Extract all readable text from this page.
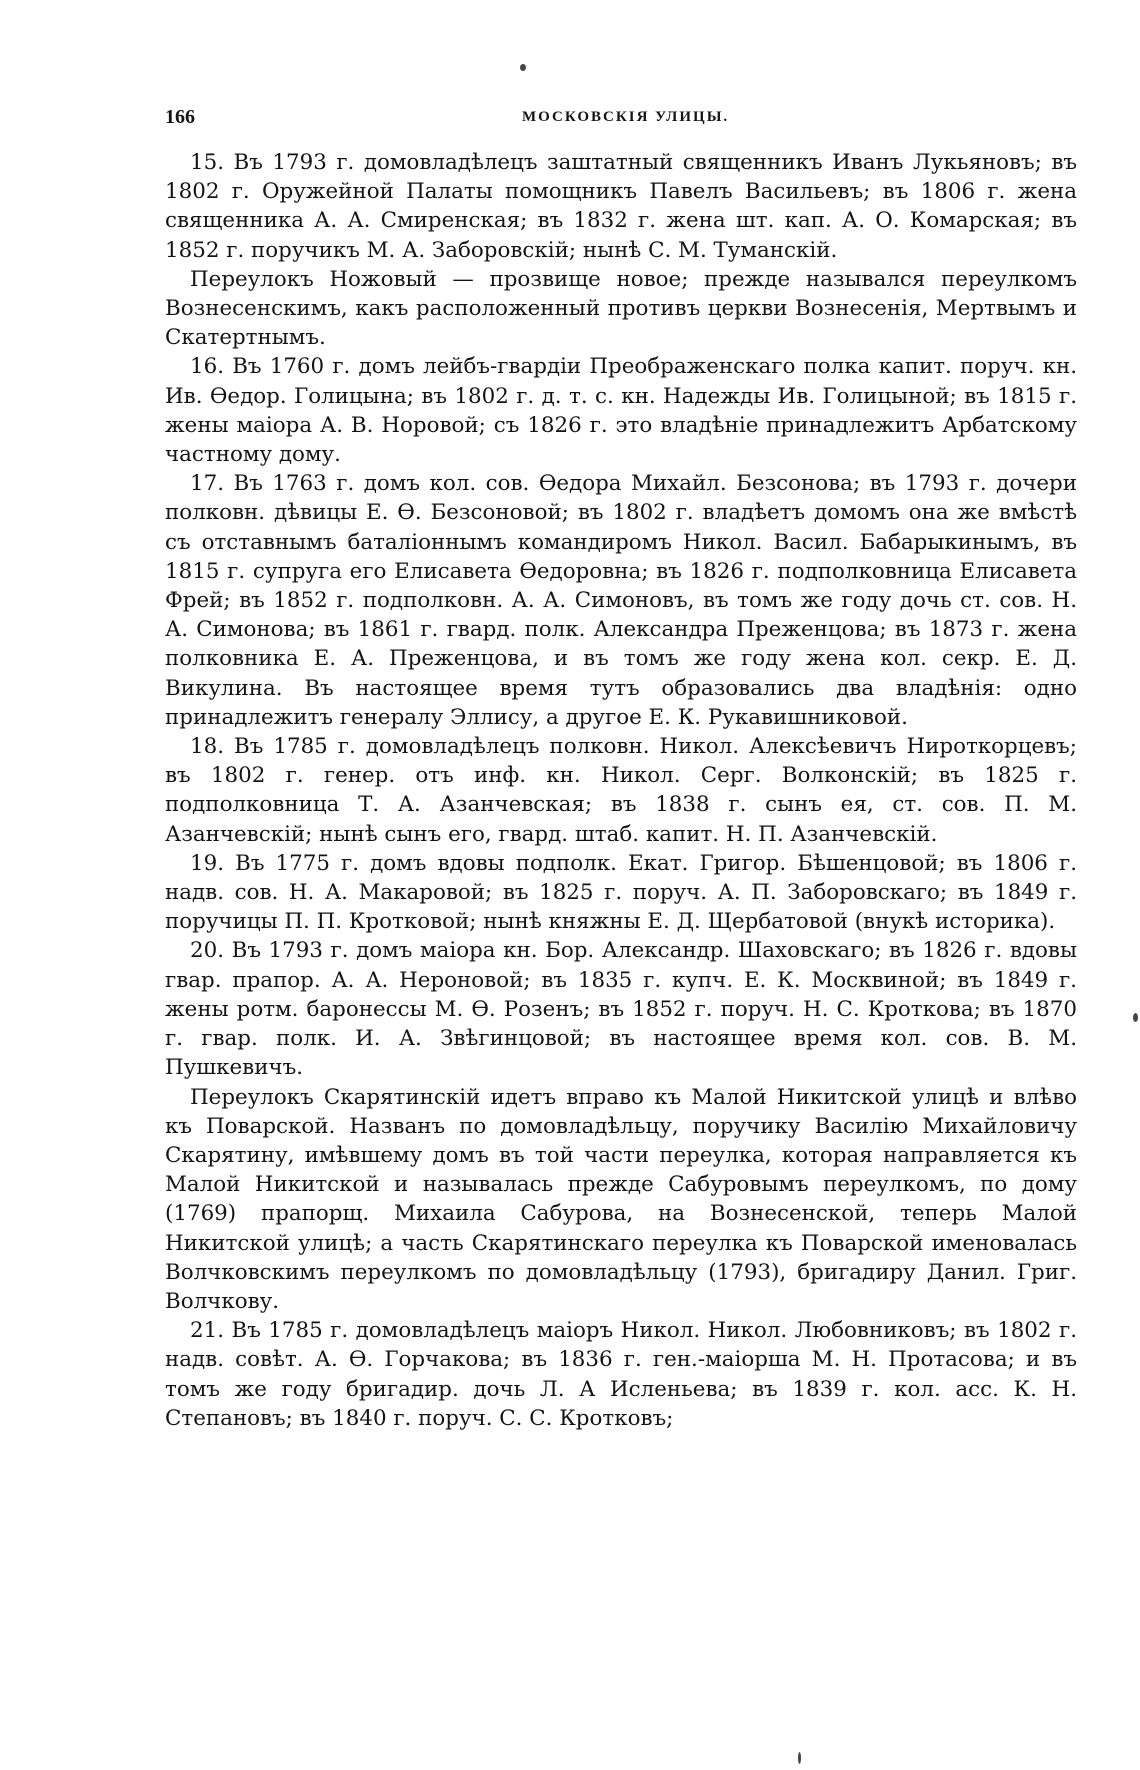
166	МОСКОВСКІЯ УЛИЦЫ.

15. Въ 1793 г. домовладѣлецъ заштатный священникъ Иванъ Лукьяновъ; въ 1802 г. Оружейной Палаты помощникъ Павелъ Васильевъ; въ 1806 г. жена священника А. А. Смиренская; въ 1832 г. жена шт. кап. А. О. Комарская; въ 1852 г. поручикъ М. А. Заборовскій; нынѣ С. М. Туманскій.

Переулокъ Ножовый — прозвище новое; прежде назывался переулкомъ Вознесенскимъ, какъ расположенный противъ церкви Вознесенія, Мертвымъ и Скатертнымъ.

16. Въ 1760 г. домъ лейбъ-гвардіи Преображенскаго полка капит. поруч. кн. Ив. Ѳедор. Голицына; въ 1802 г. д. т. с. кн. Надежды Ив. Голицыной; въ 1815 г. жены маіора А. В. Норовой; съ 1826 г. это владѣніе принадлежитъ Арбатскому частному дому.

17. Въ 1763 г. домъ кол. сов. Ѳедора Михайл. Безсонова; въ 1793 г. дочери полковн. дѣвицы Е. Ѳ. Безсоновой; въ 1802 г. владѣетъ домомъ она же вмѣстѣ съ отставнымъ баталіоннымъ командиромъ Никол. Васил. Бабарыкинымъ, въ 1815 г. супруга его Елисавета Ѳедоровна; въ 1826 г. подполковница Елисавета Фрей; въ 1852 г. подполковн. А. А. Симоновъ, въ томъ же году дочь ст. сов. Н. А. Симонова; въ 1861 г. гвард. полк. Александра Преженцова; въ 1873 г. жена полковника Е. А. Преженцова, и въ томъ же году жена кол. секр. Е. Д. Викулина. Въ настоящее время тутъ образовались два владѣнія: одно принадлежитъ генералу Эллису, а другое Е. К. Рукавишниковой.

18. Въ 1785 г. домовладѣлецъ полковн. Никол. Алексѣевичъ Нироткорцевъ; въ 1802 г. генер. отъ инф. кн. Никол. Серг. Волконскій; въ 1825 г. подполковница Т. А. Азанчевская; въ 1838 г. сынъ ея, ст. сов. П. М. Азанчевскій; нынѣ сынъ его, гвард. штаб. капит. Н. П. Азанчевскій.

19. Въ 1775 г. домъ вдовы подполк. Екат. Григор. Бѣшенцовой; въ 1806 г. надв. сов. Н. А. Макаровой; въ 1825 г. поруч. А. П. Заборовскаго; въ 1849 г. поручицы П. П. Кротковой; нынѣ княжны Е. Д. Щербатовой (внукѣ историка).

20. Въ 1793 г. домъ маіора кн. Бор. Александр. Шаховскаго; въ 1826 г. вдовы гвар. прапор. А. А. Нероновой; въ 1835 г. купч. Е. К. Москвиной; въ 1849 г. жены ротм. баронессы М. Ѳ. Розенъ; въ 1852 г. поруч. Н. С. Кроткова; въ 1870 г. гвар. полк. И. А. Звѣгинцовой; въ настоящее время кол. сов. В. М. Пушкевичъ.

Переулокъ Скарятинскій идетъ вправо къ Малой Никитской улицѣ и влѣво къ Поварской. Названъ по домовладѣльцу, поручику Василію Михайловичу Скарятину, имѣвшему домъ въ той части переулка, которая направляется къ Малой Никитской и называлась прежде Сабуровымъ переулкомъ, по дому (1769) прапорщ. Михаила Сабурова, на Вознесенской, теперь Малой Никитской улицѣ; а часть Скарятинскаго переулка къ Поварской именовалась Волчковскимъ переулкомъ по домовладѣльцу (1793), бригадиру Данил. Григ. Волчкову.

21. Въ 1785 г. домовладѣлецъ маіоръ Никол. Никол. Любовниковъ; въ 1802 г. надв. совѣт. А. Ѳ. Горчакова; въ 1836 г. ген.-маіорша М. Н. Протасова; и въ томъ же году бригадир. дочь Л. А Исленьева; въ 1839 г. кол. асс. К. Н. Степановъ; въ 1840 г. поруч. С. С. Кротковъ;
